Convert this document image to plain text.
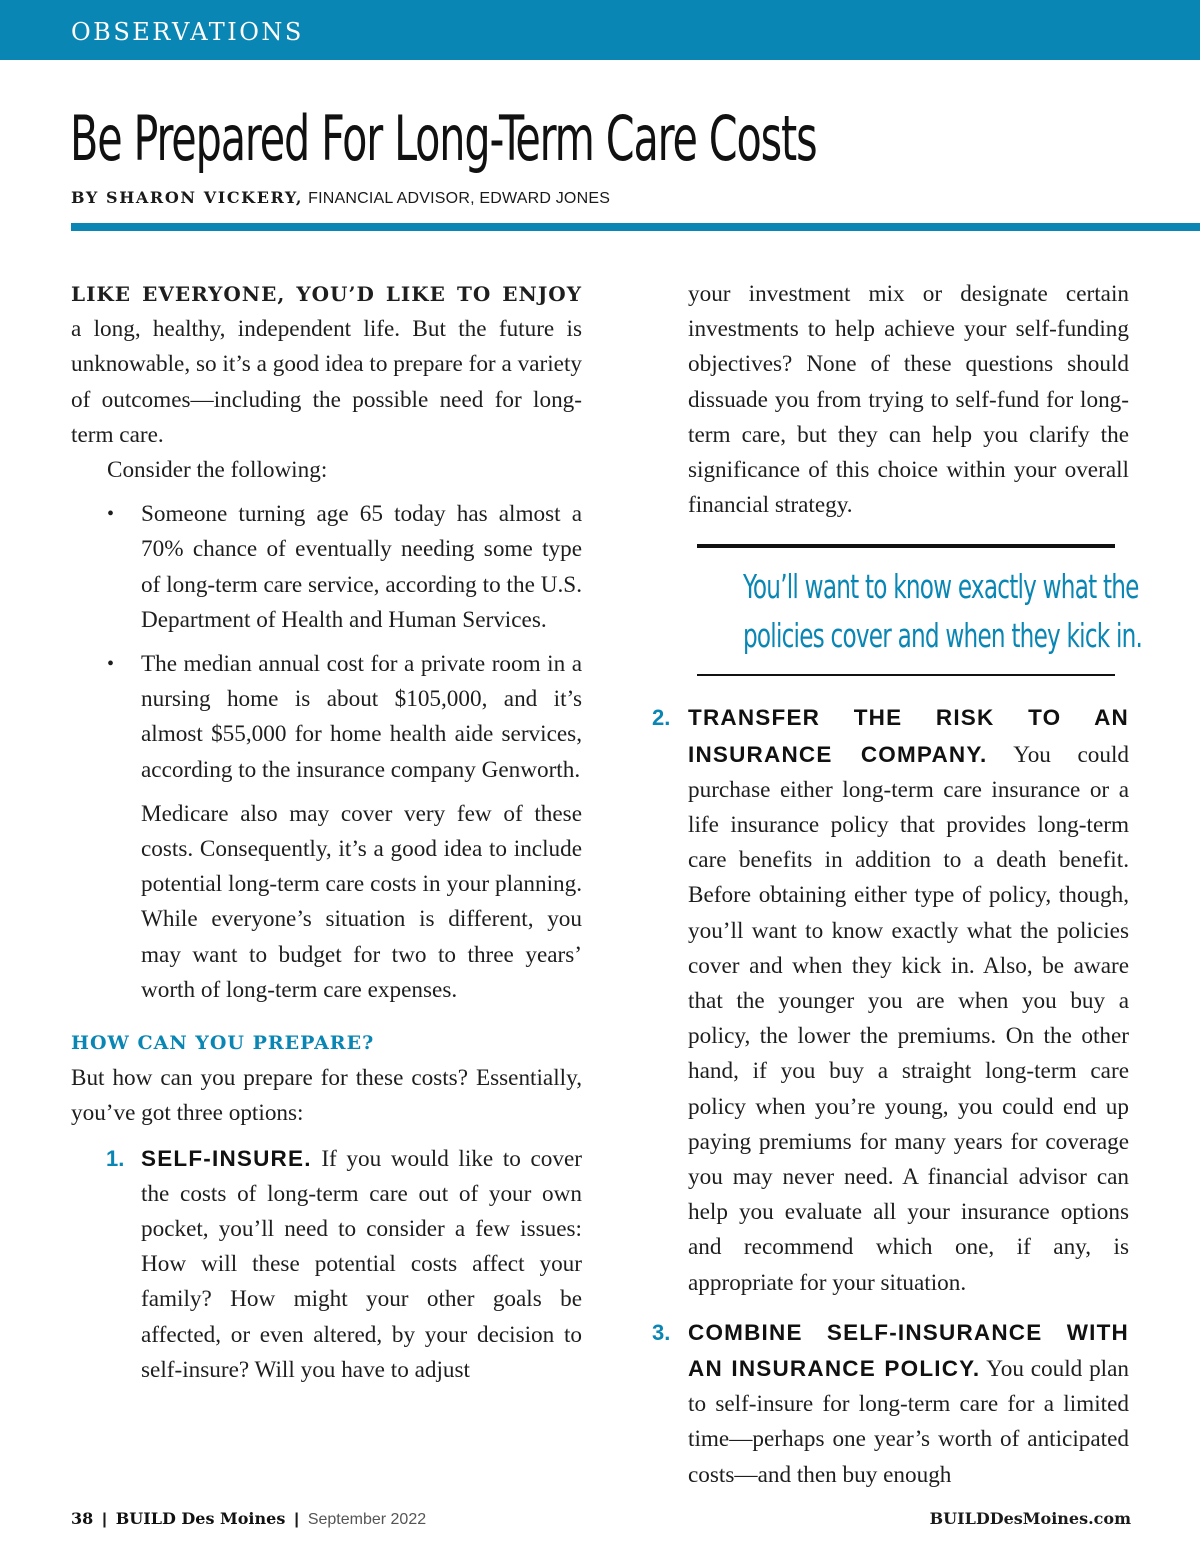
OBSERVATIONS
Be Prepared For Long-Term Care Costs
BY SHARON VICKERY, FINANCIAL ADVISOR, EDWARD JONES

LIKE EVERYONE, YOU’D LIKE TO ENJOY a long, healthy, independent life. But the future is unknowable, so it’s a good idea to prepare for a variety of outcomes—including the possible need for long-term care.

Consider the following:

• Someone turning age 65 today has almost a 70% chance of eventually needing some type of long-term care service, according to the U.S. Department of Health and Human Services.
• The median annual cost for a private room in a nursing home is about $105,000, and it’s almost $55,000 for home health aide services, according to the insurance company Genworth.

Medicare also may cover very few of these costs. Consequently, it’s a good idea to include potential long-term care costs in your planning. While everyone’s situation is different, you may want to budget for two to three years’ worth of long-term care expenses.

HOW CAN YOU PREPARE?

But how can you prepare for these costs? Essentially, you’ve got three options:

1. SELF-INSURE. If you would like to cover the costs of long-term care out of your own pocket, you’ll need to consider a few issues: How will these potential costs affect your family? How might your other goals be affected, or even altered, by your decision to self-insure? Will you have to adjust

your investment mix or designate certain investments to help achieve your self-funding objectives? None of these questions should dissuade you from trying to self-fund for long-term care, but they can help you clarify the significance of this choice within your overall financial strategy.

You’ll want to know exactly what the
policies cover and when they kick in.
2. TRANSFER THE RISK TO AN INSURANCE COMPANY. You could purchase either long-term care insurance or a life insurance policy that provides long-term care benefits in addition to a death benefit. Before obtaining either type of policy, though, you’ll want to know exactly what the policies cover and when they kick in. Also, be aware that the younger you are when you buy a policy, the lower the premiums. On the other hand, if you buy a straight long-term care policy when you’re young, you could end up paying premiums for many years for coverage you may never need. A financial advisor can help you evaluate all your insurance options and recommend which one, if any, is appropriate for your situation.
3. COMBINE SELF-INSURANCE WITH AN INSURANCE POLICY. You could plan to self-insure for long-term care for a limited time—perhaps one year’s worth of anticipated costs—and then buy enough
38 | BUILD Des Moines | September 2022	BUILDDesMoines.com
